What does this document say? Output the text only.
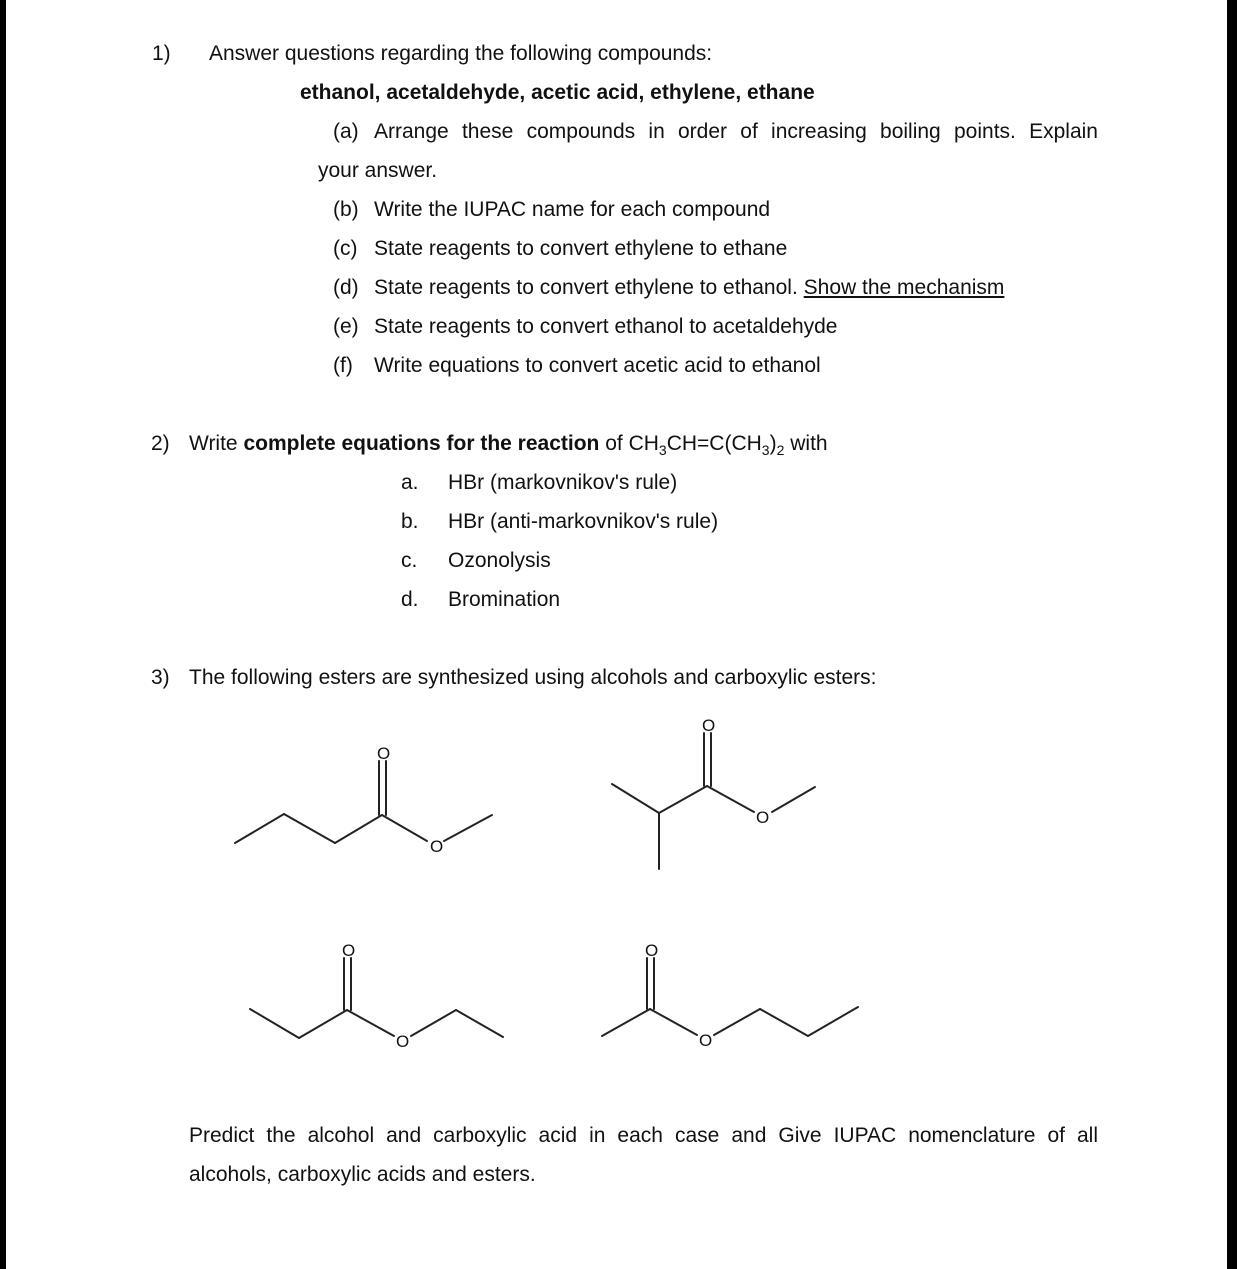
1) Answer questions regarding the following compounds:
ethanol, acetaldehyde, acetic acid, ethylene, ethane
(a) Arrange these compounds in order of increasing boiling points. Explain
your answer.
(b) Write the IUPAC name for each compound
(c) State reagents to convert ethylene to ethane
(d) State reagents to convert ethylene to ethanol. Show the mechanism
(e) State reagents to convert ethanol to acetaldehyde
(f) Write equations to convert acetic acid to ethanol
2) Write complete equations for the reaction of $CH_3CH=C(CH_3)_2$ with
a. HBr (markovnikov's rule)
b. HBr (anti-markovnikov's rule)
c. Ozonolysis
d. Bromination
3) The following esters are synthesized using alcohols and carboxylic esters:
O
O
O
O
O
O
O
O
Predict the alcohol and carboxylic acid in each case and Give IUPAC nomenclature of all
alcohols, carboxylic acids and esters.
